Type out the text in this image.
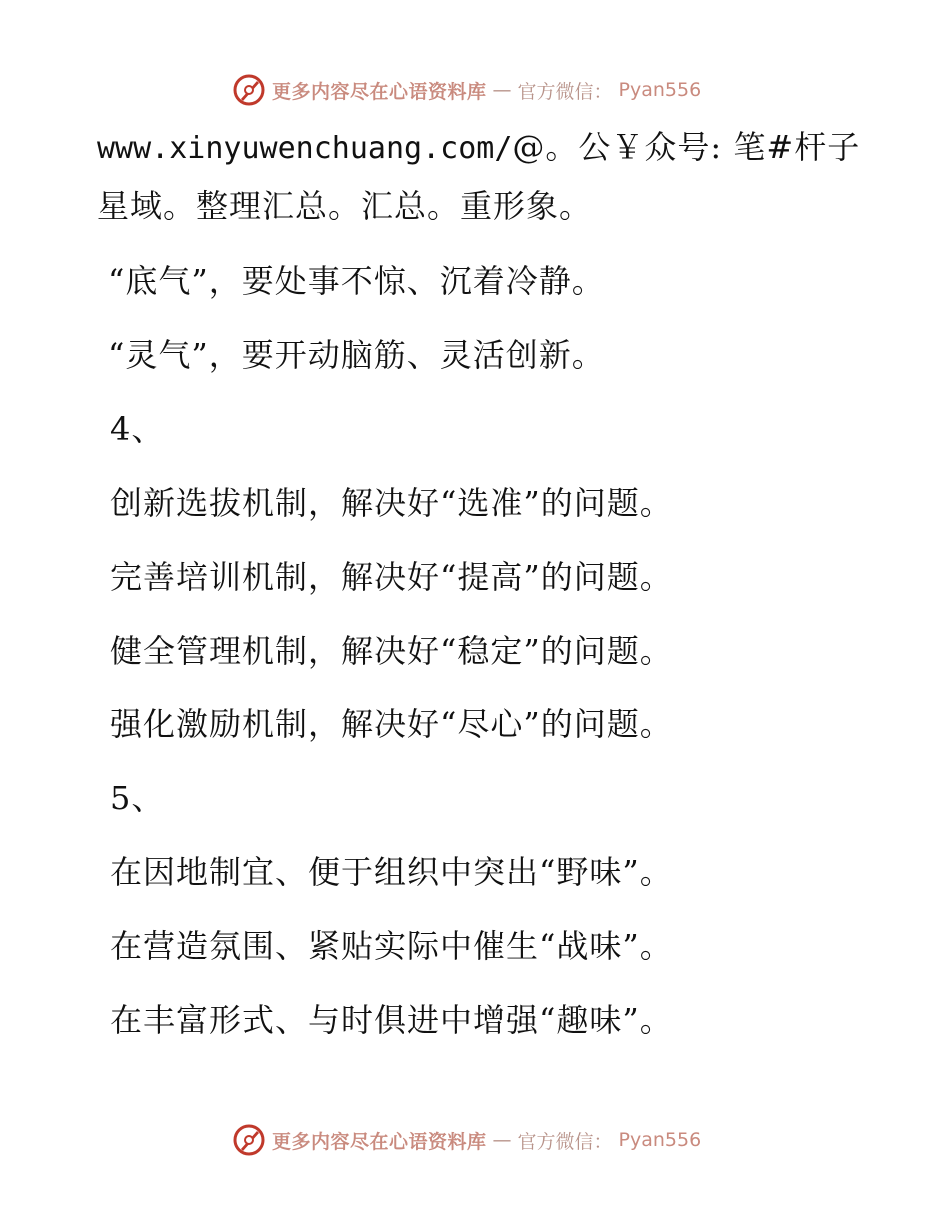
更多内容尽在心语资料库 — 官方微信： Pyan556
www.xinyuwenchuang.com/@。公￥众号: 笔#杆子
星域。整理汇总。汇总。重形象。
“底气”，要处事不惊、沉着冷静。
“灵气”，要开动脑筋、灵活创新。
4、
创新选拔机制，解决好“选准”的问题。
完善培训机制，解决好“提高”的问题。
健全管理机制，解决好“稳定”的问题。
强化激励机制，解决好“尽心”的问题。
5、
在因地制宜、便于组织中突出“野味”。
在营造氛围、紧贴实际中催生“战味”。
在丰富形式、与时俱进中增强“趣味”。
更多内容尽在心语资料库 — 官方微信： Pyan556
